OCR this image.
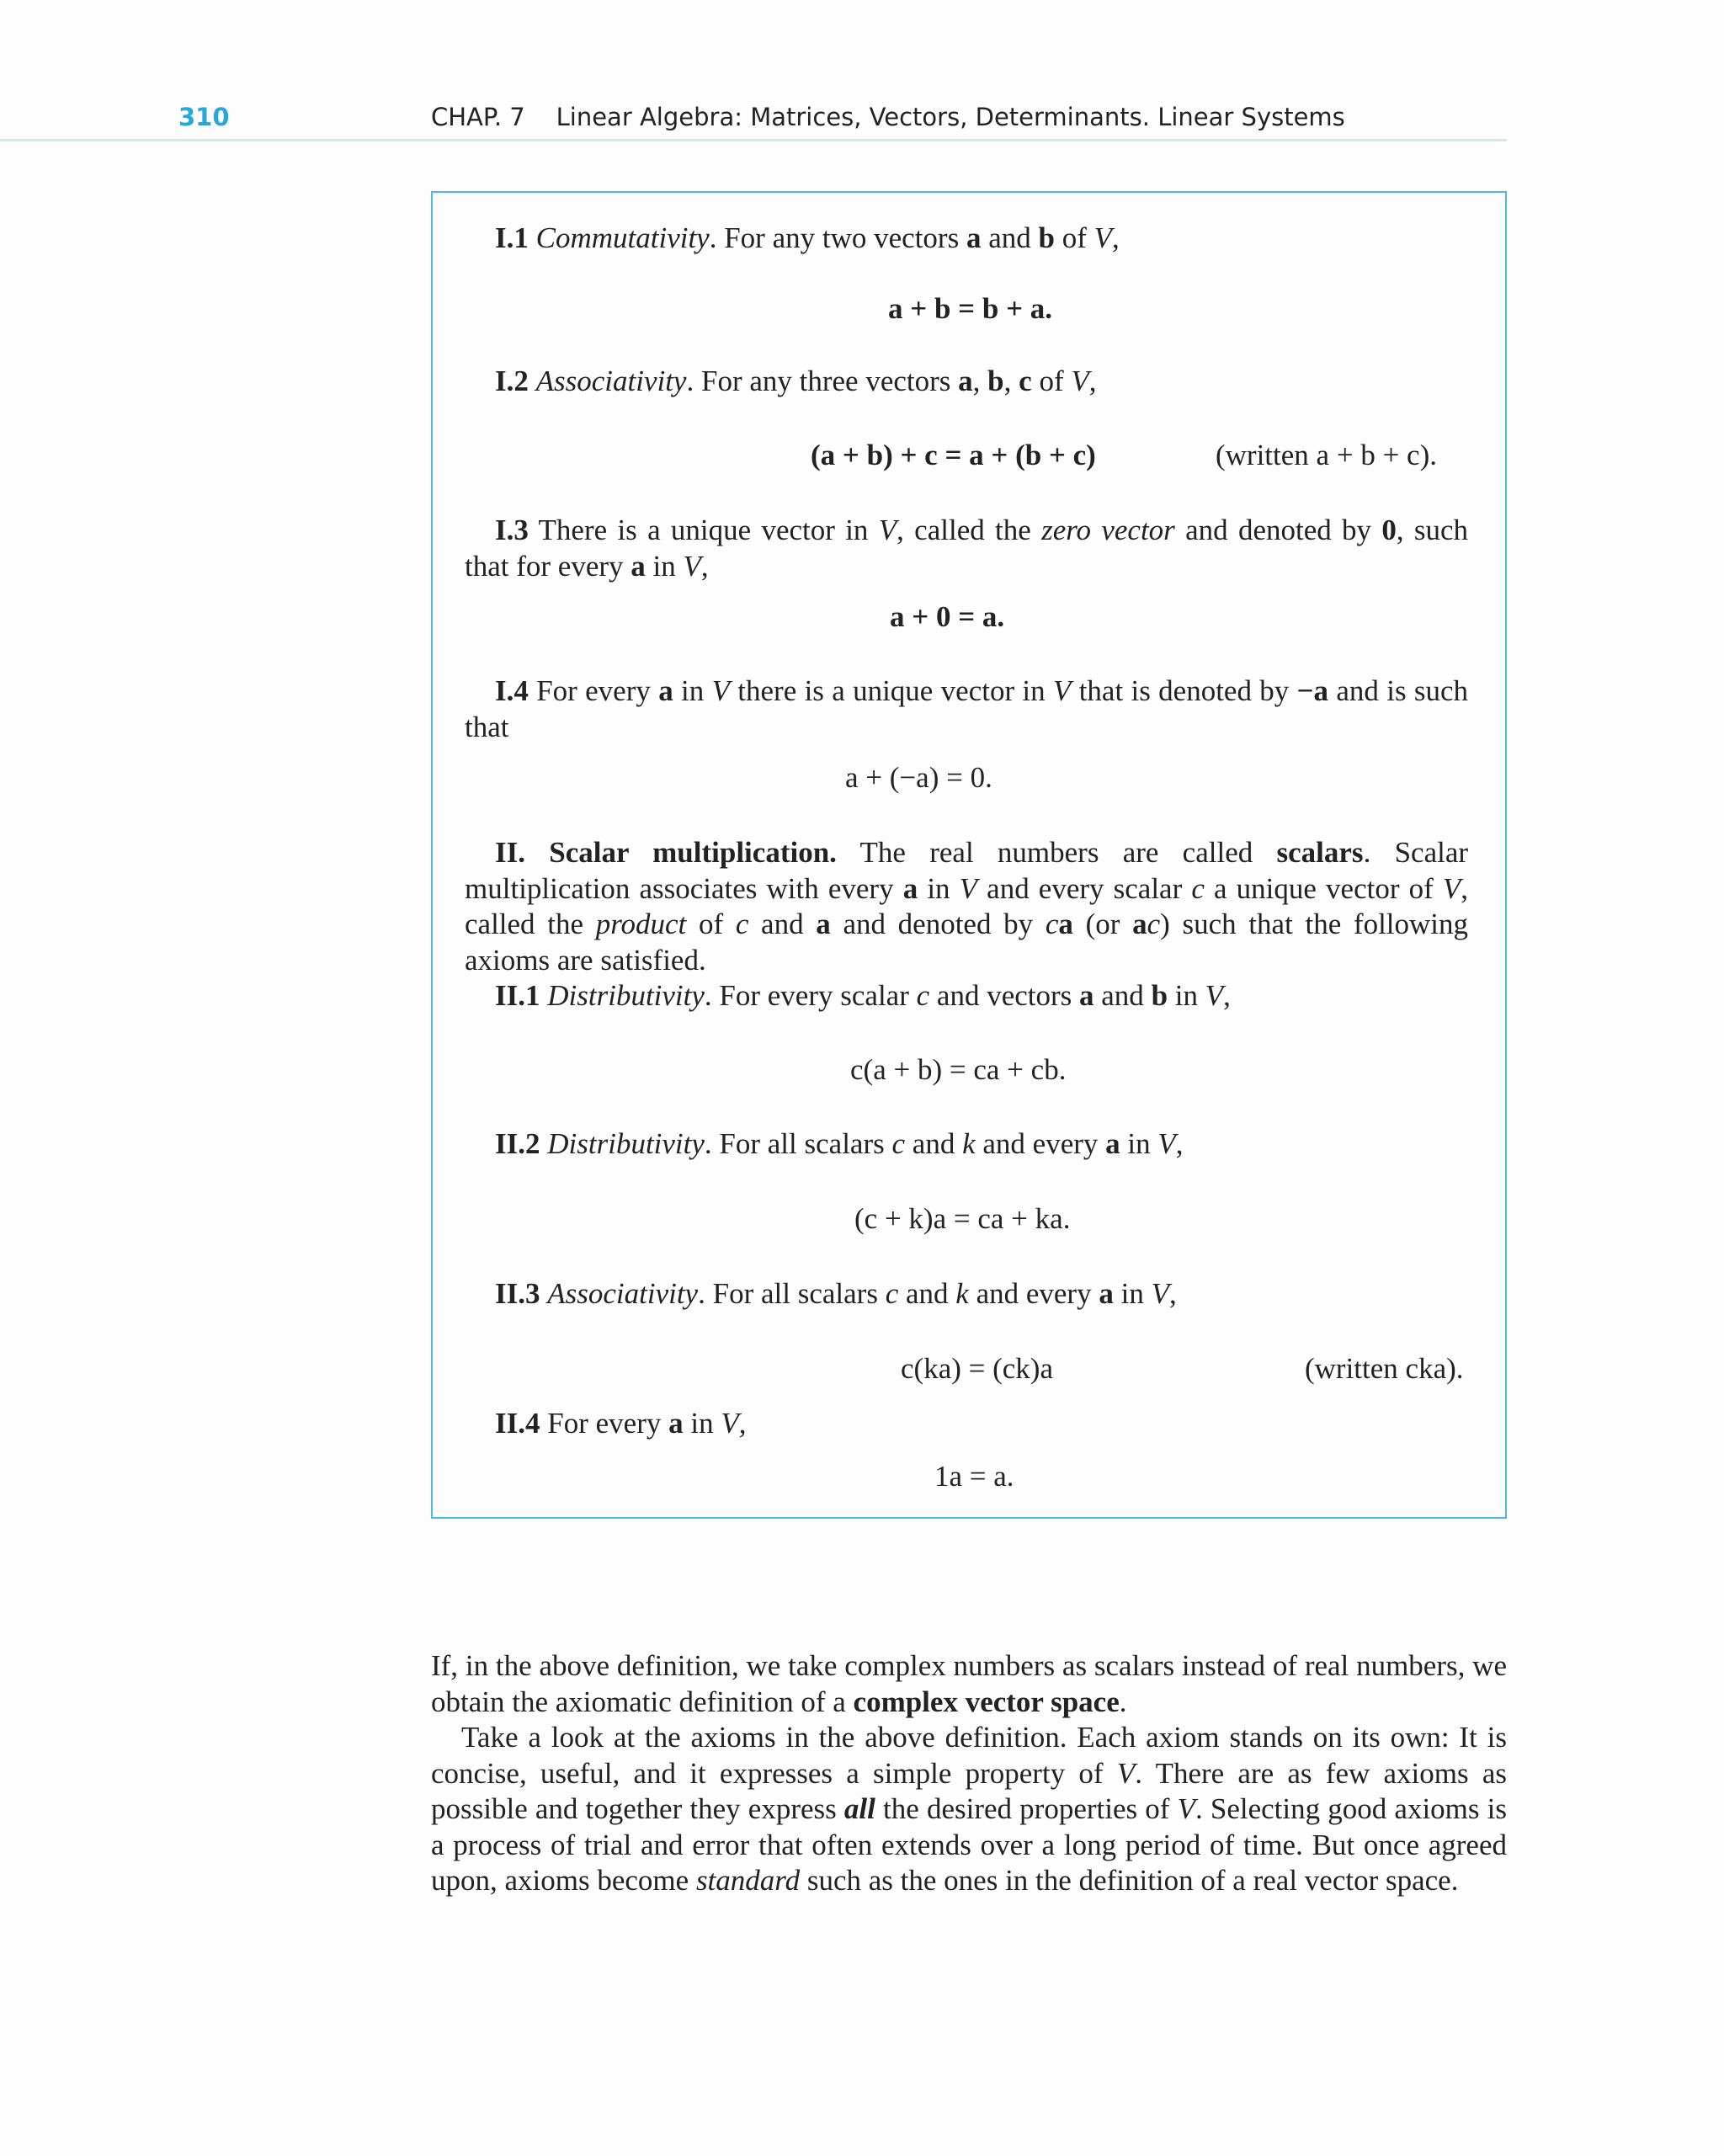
310	CHAP. 7    Linear Algebra: Matrices, Vectors, Determinants. Linear Systems
I.1 Commutativity. For any two vectors a and b of V,
a + b = b + a.
I.2 Associativity. For any three vectors a, b, c of V,
(a + b) + c = a + (b + c)	(written a + b + c).
I.3 There is a unique vector in V, called the zero vector and denoted by 0, such that for every a in V,
a + 0 = a.
I.4 For every a in V there is a unique vector in V that is denoted by −a and is such that
a + (−a) = 0.
II. Scalar multiplication. The real numbers are called scalars. Scalar multiplication associates with every a in V and every scalar c a unique vector of V, called the product of c and a and denoted by ca (or ac) such that the following axioms are satisfied.
II.1 Distributivity. For every scalar c and vectors a and b in V,
c(a + b) = ca + cb.
II.2 Distributivity. For all scalars c and k and every a in V,
(c + k)a = ca + ka.
II.3 Associativity. For all scalars c and k and every a in V,
c(ka) = (ck)a	(written cka).
II.4 For every a in V,
1a = a.
If, in the above definition, we take complex numbers as scalars instead of real numbers, we obtain the axiomatic definition of a complex vector space.
Take a look at the axioms in the above definition. Each axiom stands on its own: It is concise, useful, and it expresses a simple property of V. There are as few axioms as possible and together they express all the desired properties of V. Selecting good axioms is a process of trial and error that often extends over a long period of time. But once agreed upon, axioms become standard such as the ones in the definition of a real vector space.
